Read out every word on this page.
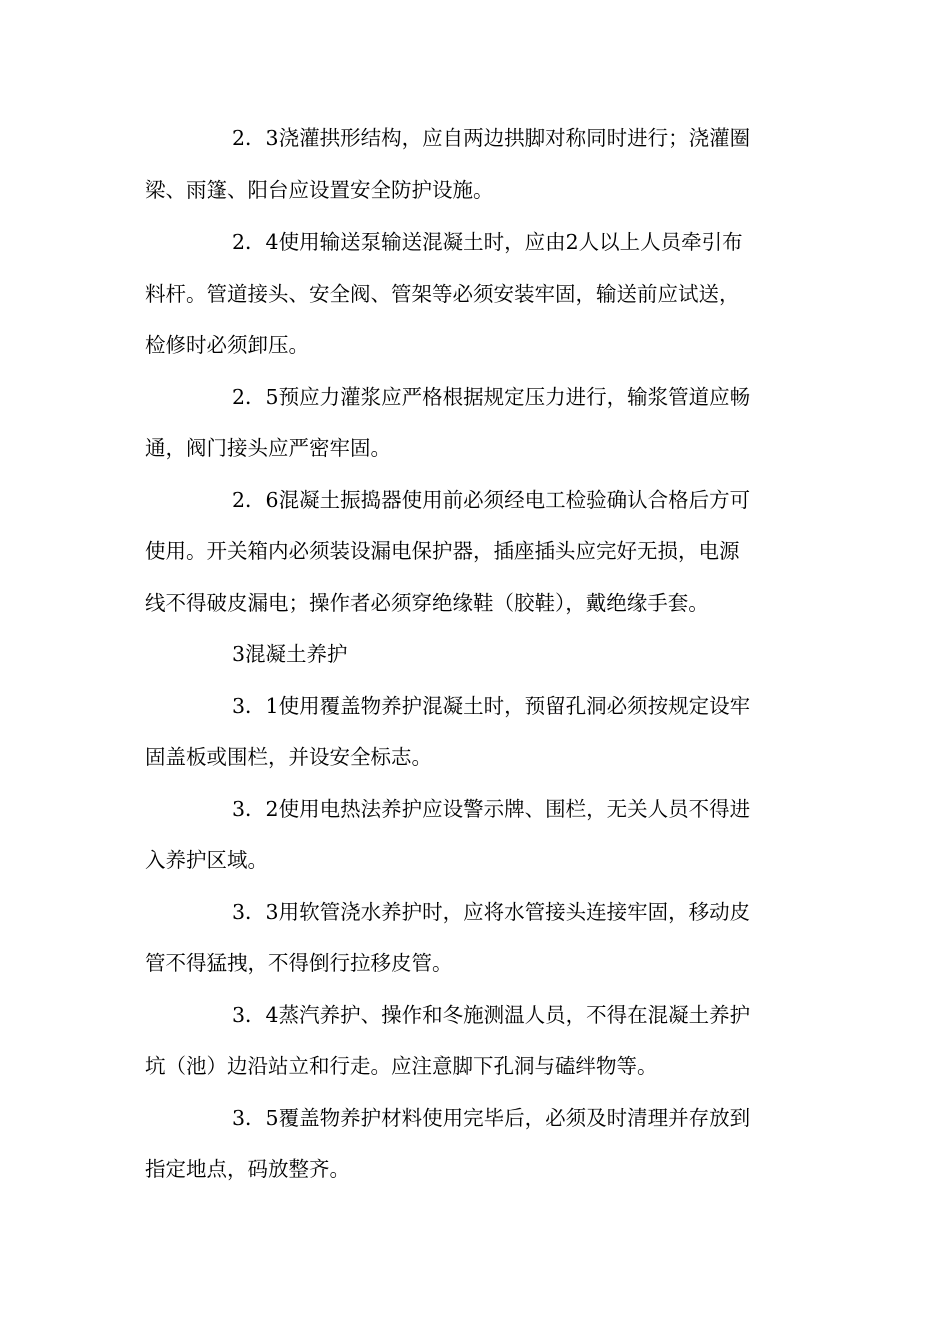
2．3浇灌拱形结构，应自两边拱脚对称同时进行；浇灌圈
梁、雨篷、阳台应设置安全防护设施。
2．4使用输送泵输送混凝土时，应由2人以上人员牵引布
料杆。管道接头、安全阀、管架等必须安装牢固，输送前应试送，
检修时必须卸压。
2．5预应力灌浆应严格根据规定压力进行，输浆管道应畅
通，阀门接头应严密牢固。
2．6混凝土振捣器使用前必须经电工检验确认合格后方可
使用。开关箱内必须装设漏电保护器，插座插头应完好无损，电源
线不得破皮漏电；操作者必须穿绝缘鞋（胶鞋），戴绝缘手套。
3混凝土养护
3．1使用覆盖物养护混凝土时，预留孔洞必须按规定设牢
固盖板或围栏，并设安全标志。
3．2使用电热法养护应设警示牌、围栏，无关人员不得进
入养护区域。
3．3用软管浇水养护时，应将水管接头连接牢固，移动皮
管不得猛拽，不得倒行拉移皮管。
3．4蒸汽养护、操作和冬施测温人员，不得在混凝土养护
坑（池）边沿站立和行走。应注意脚下孔洞与磕绊物等。
3．5覆盖物养护材料使用完毕后，必须及时清理并存放到
指定地点，码放整齐。
